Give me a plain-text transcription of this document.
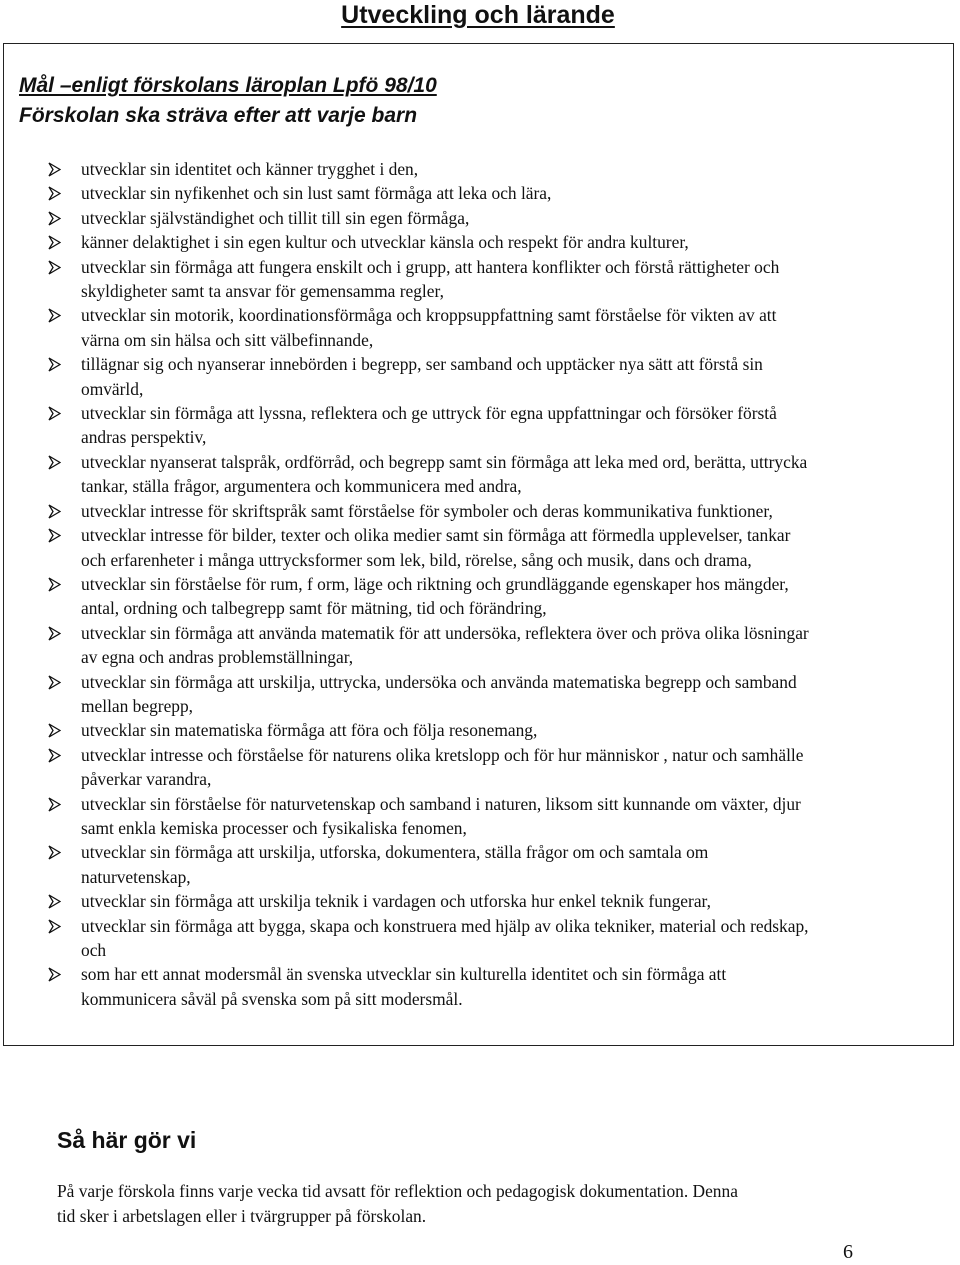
Utveckling och lärande
Mål –enligt förskolans läroplan Lpfö 98/10
Förskolan ska sträva efter att varje barn
utvecklar sin identitet och känner trygghet i den,
utvecklar sin nyfikenhet och sin lust samt förmåga att leka och lära,
utvecklar självständighet och tillit till sin egen förmåga,
känner delaktighet i sin egen kultur och utvecklar känsla och respekt för andra kulturer,
utvecklar sin förmåga att fungera enskilt och i grupp, att hantera konflikter och förstå rättigheter och
skyldigheter samt ta ansvar för gemensamma regler,
utvecklar sin motorik, koordinationsförmåga och kroppsuppfattning samt förståelse för vikten av att
värna om sin hälsa och sitt välbefinnande,
tillägnar sig och nyanserar innebörden i begrepp, ser samband och upptäcker nya sätt att förstå sin
omvärld,
utvecklar sin förmåga att lyssna, reflektera och ge uttryck för egna uppfattningar och försöker förstå
andras perspektiv,
utvecklar nyanserat talspråk, ordförråd, och begrepp samt sin förmåga att leka med ord, berätta, uttrycka
tankar, ställa frågor, argumentera och kommunicera med andra,
utvecklar intresse för skriftspråk samt förståelse för symboler och deras kommunikativa funktioner,
utvecklar intresse för bilder, texter och olika medier samt sin förmåga att förmedla upplevelser, tankar
och erfarenheter i många uttrycksformer som lek, bild, rörelse, sång och musik, dans och drama,
utvecklar sin förståelse för rum, f orm, läge och riktning och grundläggande egenskaper hos mängder,
antal, ordning och talbegrepp samt för mätning, tid och förändring,
utvecklar sin förmåga att använda matematik för att undersöka, reflektera över och pröva olika lösningar
av egna och andras problemställningar,
utvecklar sin förmåga att urskilja, uttrycka, undersöka och använda matematiska begrepp och samband
mellan begrepp,
utvecklar sin matematiska förmåga att föra och följa resonemang,
utvecklar intresse och förståelse för naturens olika kretslopp och för hur människor , natur och samhälle
påverkar varandra,
utvecklar sin förståelse för naturvetenskap och samband i naturen, liksom sitt kunnande om växter, djur
samt enkla kemiska processer och fysikaliska fenomen,
utvecklar sin förmåga att urskilja, utforska, dokumentera, ställa frågor om och samtala om
naturvetenskap,
utvecklar sin förmåga att urskilja teknik i vardagen och utforska hur enkel teknik fungerar,
utvecklar sin förmåga att bygga, skapa och konstruera med hjälp av olika tekniker, material och redskap,
och
som har ett annat modersmål än svenska utvecklar sin kulturella identitet och sin förmåga att
kommunicera såväl på svenska som på sitt modersmål.
Så här gör vi

På varje förskola finns varje vecka tid avsatt för reflektion och pedagogisk dokumentation. Denna
tid sker i arbetslagen eller i tvärgrupper på förskolan.

6
